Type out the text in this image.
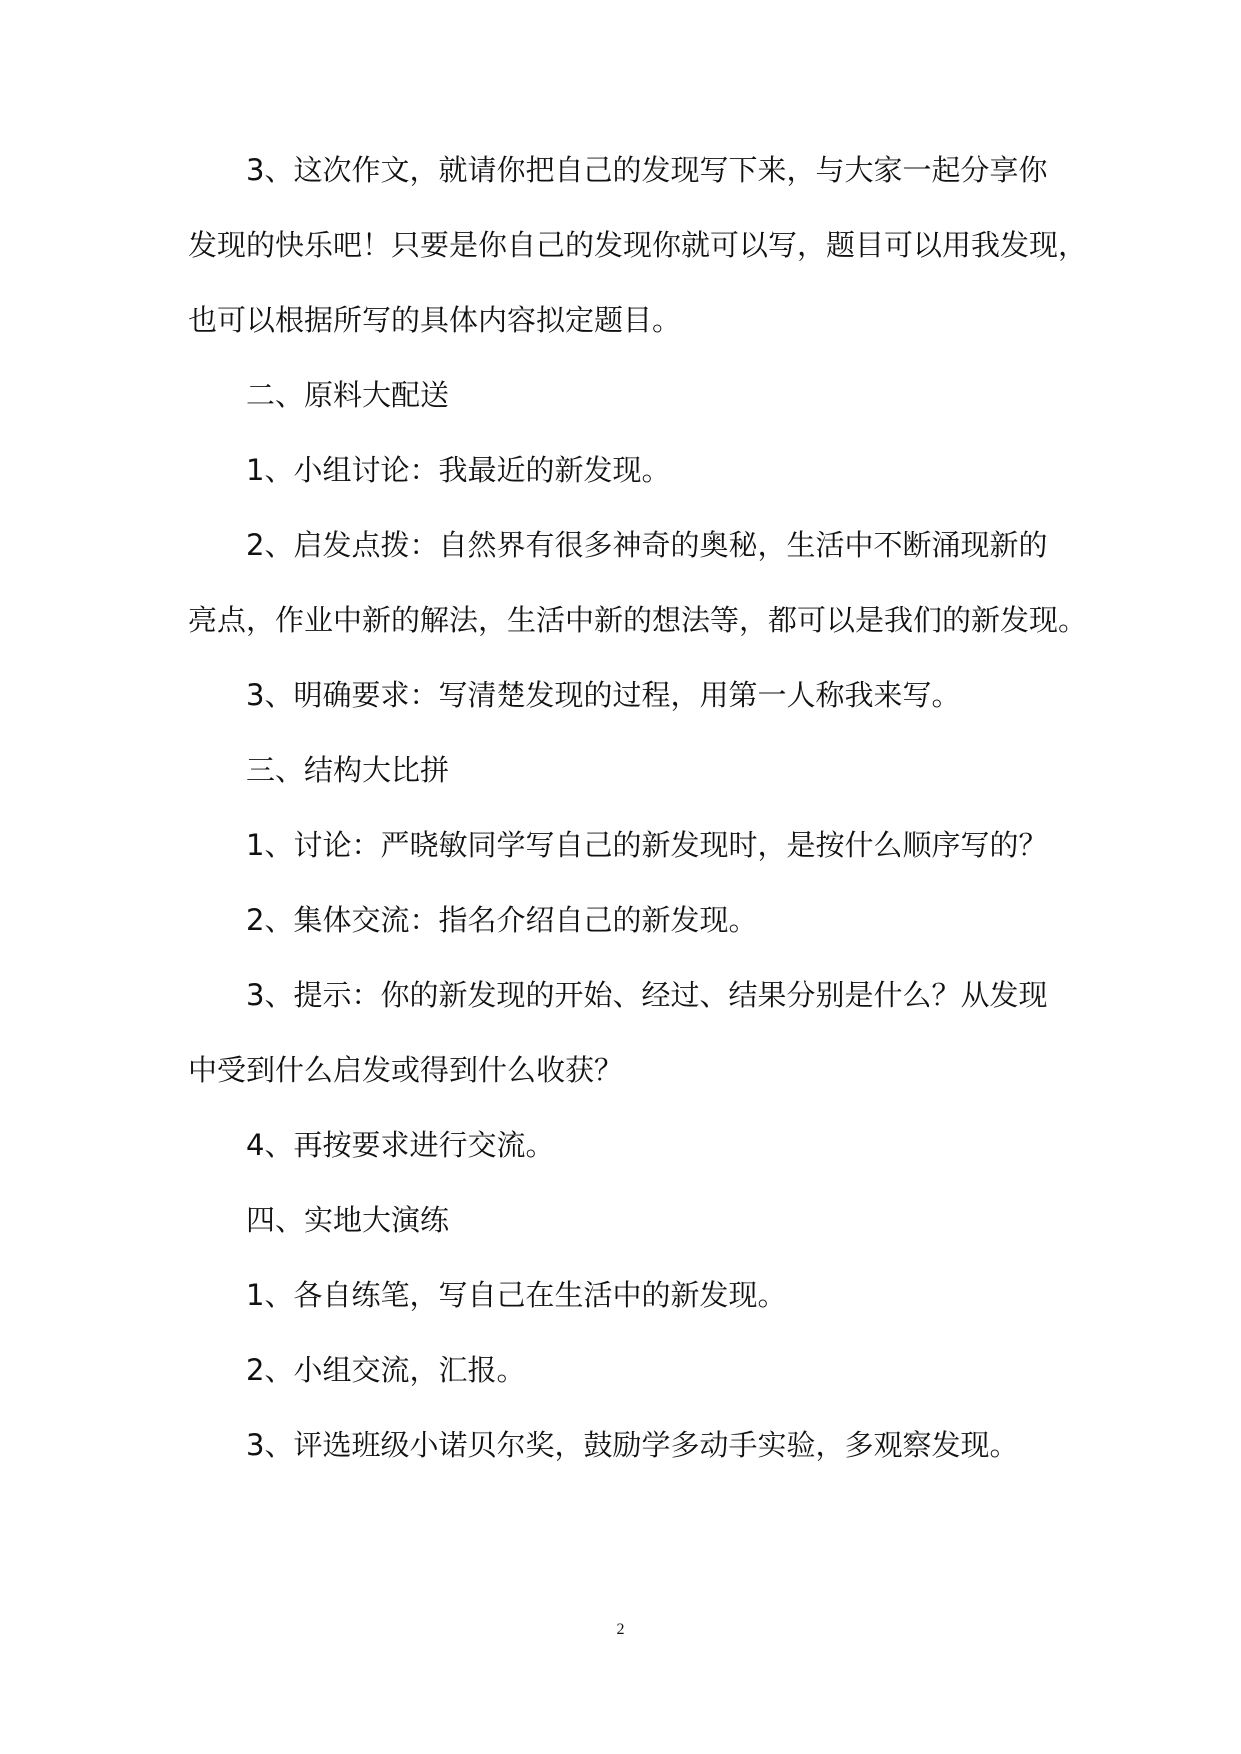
3、这次作文，就请你把自己的发现写下来，与大家一起分享你

发现的快乐吧！只要是你自己的发现你就可以写，题目可以用我发现，

也可以根据所写的具体内容拟定题目。

二、原料大配送

1、小组讨论：我最近的新发现。

2、启发点拨：自然界有很多神奇的奥秘，生活中不断涌现新的

亮点，作业中新的解法，生活中新的想法等，都可以是我们的新发现。

3、明确要求：写清楚发现的过程，用第一人称我来写。

三、结构大比拼

1、讨论：严晓敏同学写自己的新发现时，是按什么顺序写的？

2、集体交流：指名介绍自己的新发现。

3、提示：你的新发现的开始、经过、结果分别是什么？从发现

中受到什么启发或得到什么收获？

4、再按要求进行交流。

四、实地大演练

1、各自练笔，写自己在生活中的新发现。

2、小组交流，汇报。

3、评选班级小诺贝尔奖，鼓励学多动手实验，多观察发现。

2
